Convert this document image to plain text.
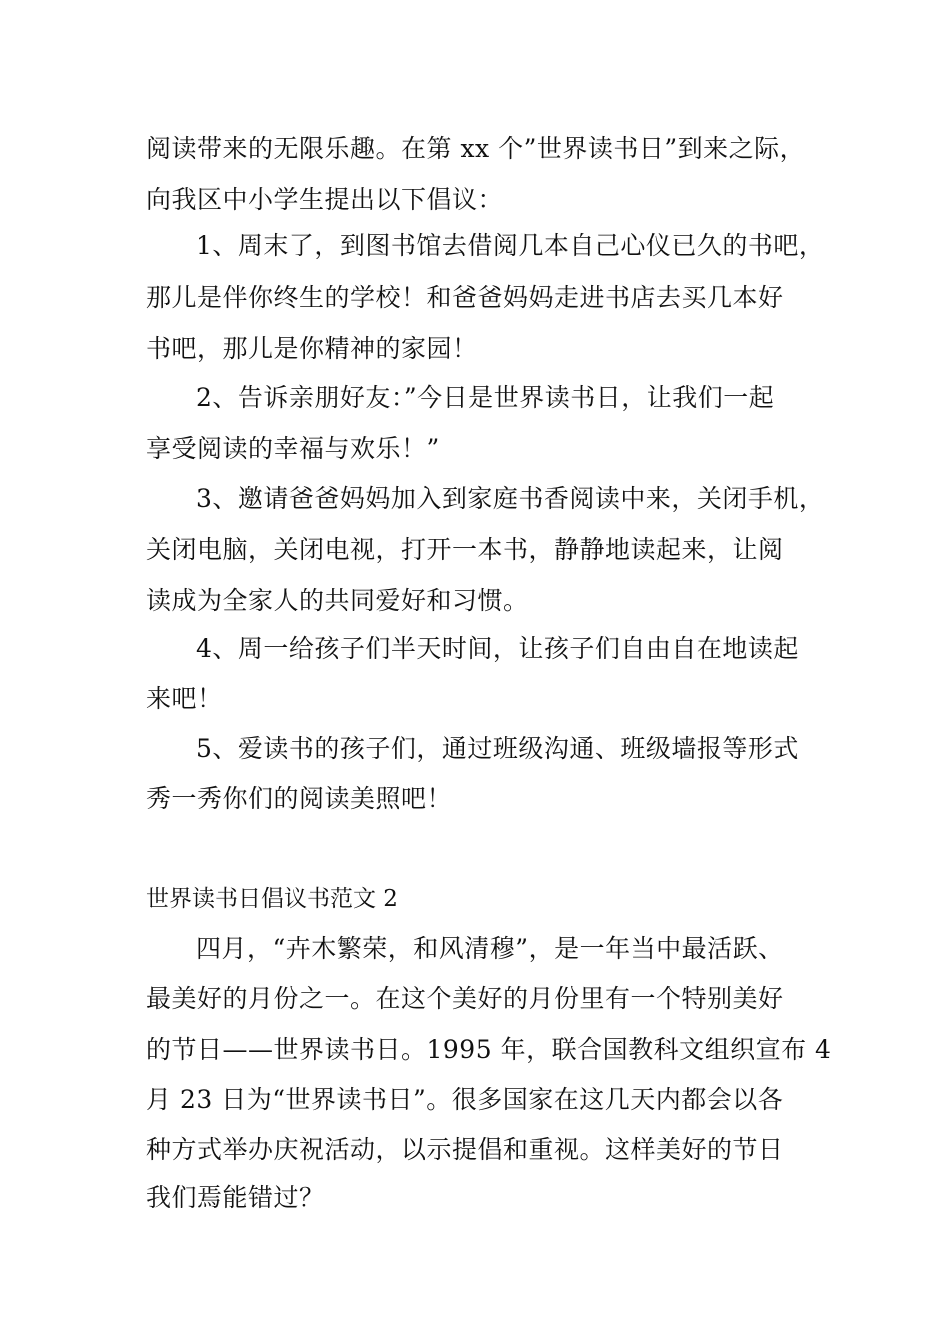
阅读带来的无限乐趣。在第 xx 个”世界读书日”到来之际，
向我区中小学生提出以下倡议：
1、周末了，到图书馆去借阅几本自己心仪已久的书吧，
那儿是伴你终生的学校！和爸爸妈妈走进书店去买几本好
书吧，那儿是你精神的家园！
2、告诉亲朋好友：”今日是世界读书日，让我们一起
享受阅读的幸福与欢乐！”
3、邀请爸爸妈妈加入到家庭书香阅读中来，关闭手机，
关闭电脑，关闭电视，打开一本书，静静地读起来，让阅
读成为全家人的共同爱好和习惯。
4、周一给孩子们半天时间，让孩子们自由自在地读起
来吧！
5、爱读书的孩子们，通过班级沟通、班级墙报等形式
秀一秀你们的阅读美照吧！
世界读书日倡议书范文 2
四月，“卉木繁荣，和风清穆”，是一年当中最活跃、
最美好的月份之一。在这个美好的月份里有一个特别美好
的节日——世界读书日。1995 年，联合国教科文组织宣布 4
月 23 日为“世界读书日”。很多国家在这几天内都会以各
种方式举办庆祝活动，以示提倡和重视。这样美好的节日
我们焉能错过？
